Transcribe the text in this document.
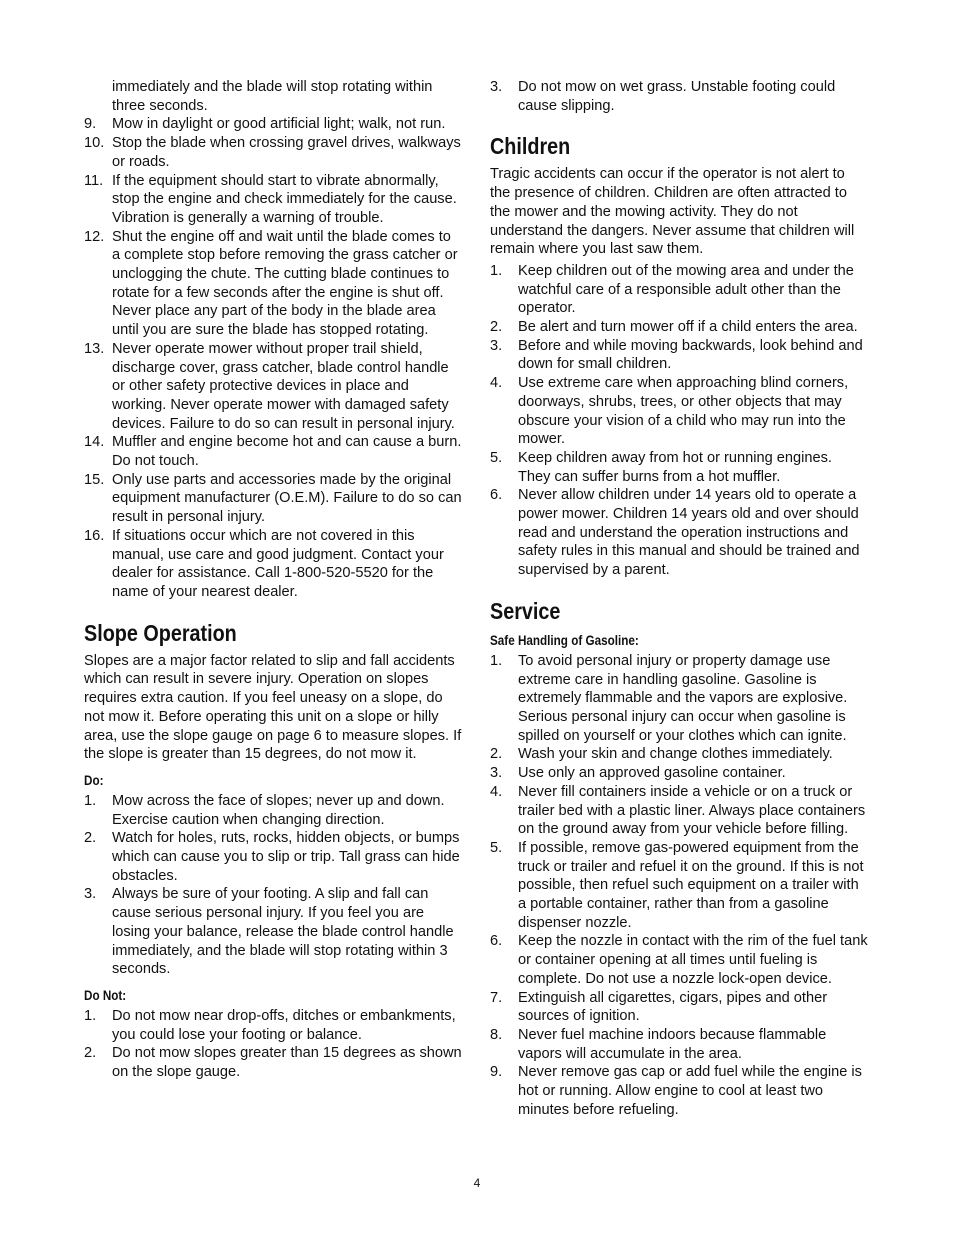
immediately and the blade will stop rotating within three seconds.
9. Mow in daylight or good artificial light; walk, not run.
10. Stop the blade when crossing gravel drives, walkways or roads.
11. If the equipment should start to vibrate abnormally, stop the engine and check immediately for the cause. Vibration is generally a warning of trouble.
12. Shut the engine off and wait until the blade comes to a complete stop before removing the grass catcher or unclogging the chute. The cutting blade continues to rotate for a few seconds after the engine is shut off. Never place any part of the body in the blade area until you are sure the blade has stopped rotating.
13. Never operate mower without proper trail shield, discharge cover, grass catcher, blade control handle or other safety protective devices in place and working. Never operate mower with damaged safety devices. Failure to do so can result in personal injury.
14. Muffler and engine become hot and can cause a burn. Do not touch.
15. Only use parts and accessories made by the original equipment manufacturer (O.E.M). Failure to do so can result in personal injury.
16. If situations occur which are not covered in this manual, use care and good judgment. Contact your dealer for assistance. Call 1-800-520-5520 for the name of your nearest dealer.
Slope Operation

Slopes are a major factor related to slip and fall accidents which can result in severe injury. Operation on slopes requires extra caution. If you feel uneasy on a slope, do not mow it. Before operating this unit on a slope or hilly area, use the slope gauge on page 6 to measure slopes. If the slope is greater than 15 degrees, do not mow it.

Do:
1. Mow across the face of slopes; never up and down. Exercise caution when changing direction.
2. Watch for holes, ruts, rocks, hidden objects, or bumps which can cause you to slip or trip. Tall grass can hide obstacles.
3. Always be sure of your footing. A slip and fall can cause serious personal injury. If you feel you are losing your balance, release the blade control handle immediately, and the blade will stop rotating within 3 seconds.
Do Not:
1. Do not mow near drop-offs, ditches or embankments, you could lose your footing or balance.
2. Do not mow slopes greater than 15 degrees as shown on the slope gauge.
3. Do not mow on wet grass. Unstable footing could cause slipping.
Children

Tragic accidents can occur if the operator is not alert to the presence of children. Children are often attracted to the mower and the mowing activity. They do not understand the dangers. Never assume that children will remain where you last saw them.

1. Keep children out of the mowing area and under the watchful care of a responsible adult other than the operator.
2. Be alert and turn mower off if a child enters the area.
3. Before and while moving backwards, look behind and down for small children.
4. Use extreme care when approaching blind corners, doorways, shrubs, trees, or other objects that may obscure your vision of a child who may run into the mower.
5. Keep children away from hot or running engines. They can suffer burns from a hot muffler.
6. Never allow children under 14 years old to operate a power mower. Children 14 years old and over should read and understand the operation instructions and safety rules in this manual and should be trained and supervised by a parent.
Service
Safe Handling of Gasoline:
1. To avoid personal injury or property damage use extreme care in handling gasoline. Gasoline is extremely flammable and the vapors are explosive. Serious personal injury can occur when gasoline is spilled on yourself or your clothes which can ignite.
2. Wash your skin and change clothes immediately.
3. Use only an approved gasoline container.
4. Never fill containers inside a vehicle or on a truck or trailer bed with a plastic liner. Always place containers on the ground away from your vehicle before filling.
5. If possible, remove gas-powered equipment from the truck or trailer and refuel it on the ground. If this is not possible, then refuel such equipment on a trailer with a portable container, rather than from a gasoline dispenser nozzle.
6. Keep the nozzle in contact with the rim of the fuel tank or container opening at all times until fueling is complete. Do not use a nozzle lock-open device.
7. Extinguish all cigarettes, cigars, pipes and other sources of ignition.
8. Never fuel machine indoors because flammable vapors will accumulate in the area.
9. Never remove gas cap or add fuel while the engine is hot or running. Allow engine to cool at least two minutes before refueling.
4
